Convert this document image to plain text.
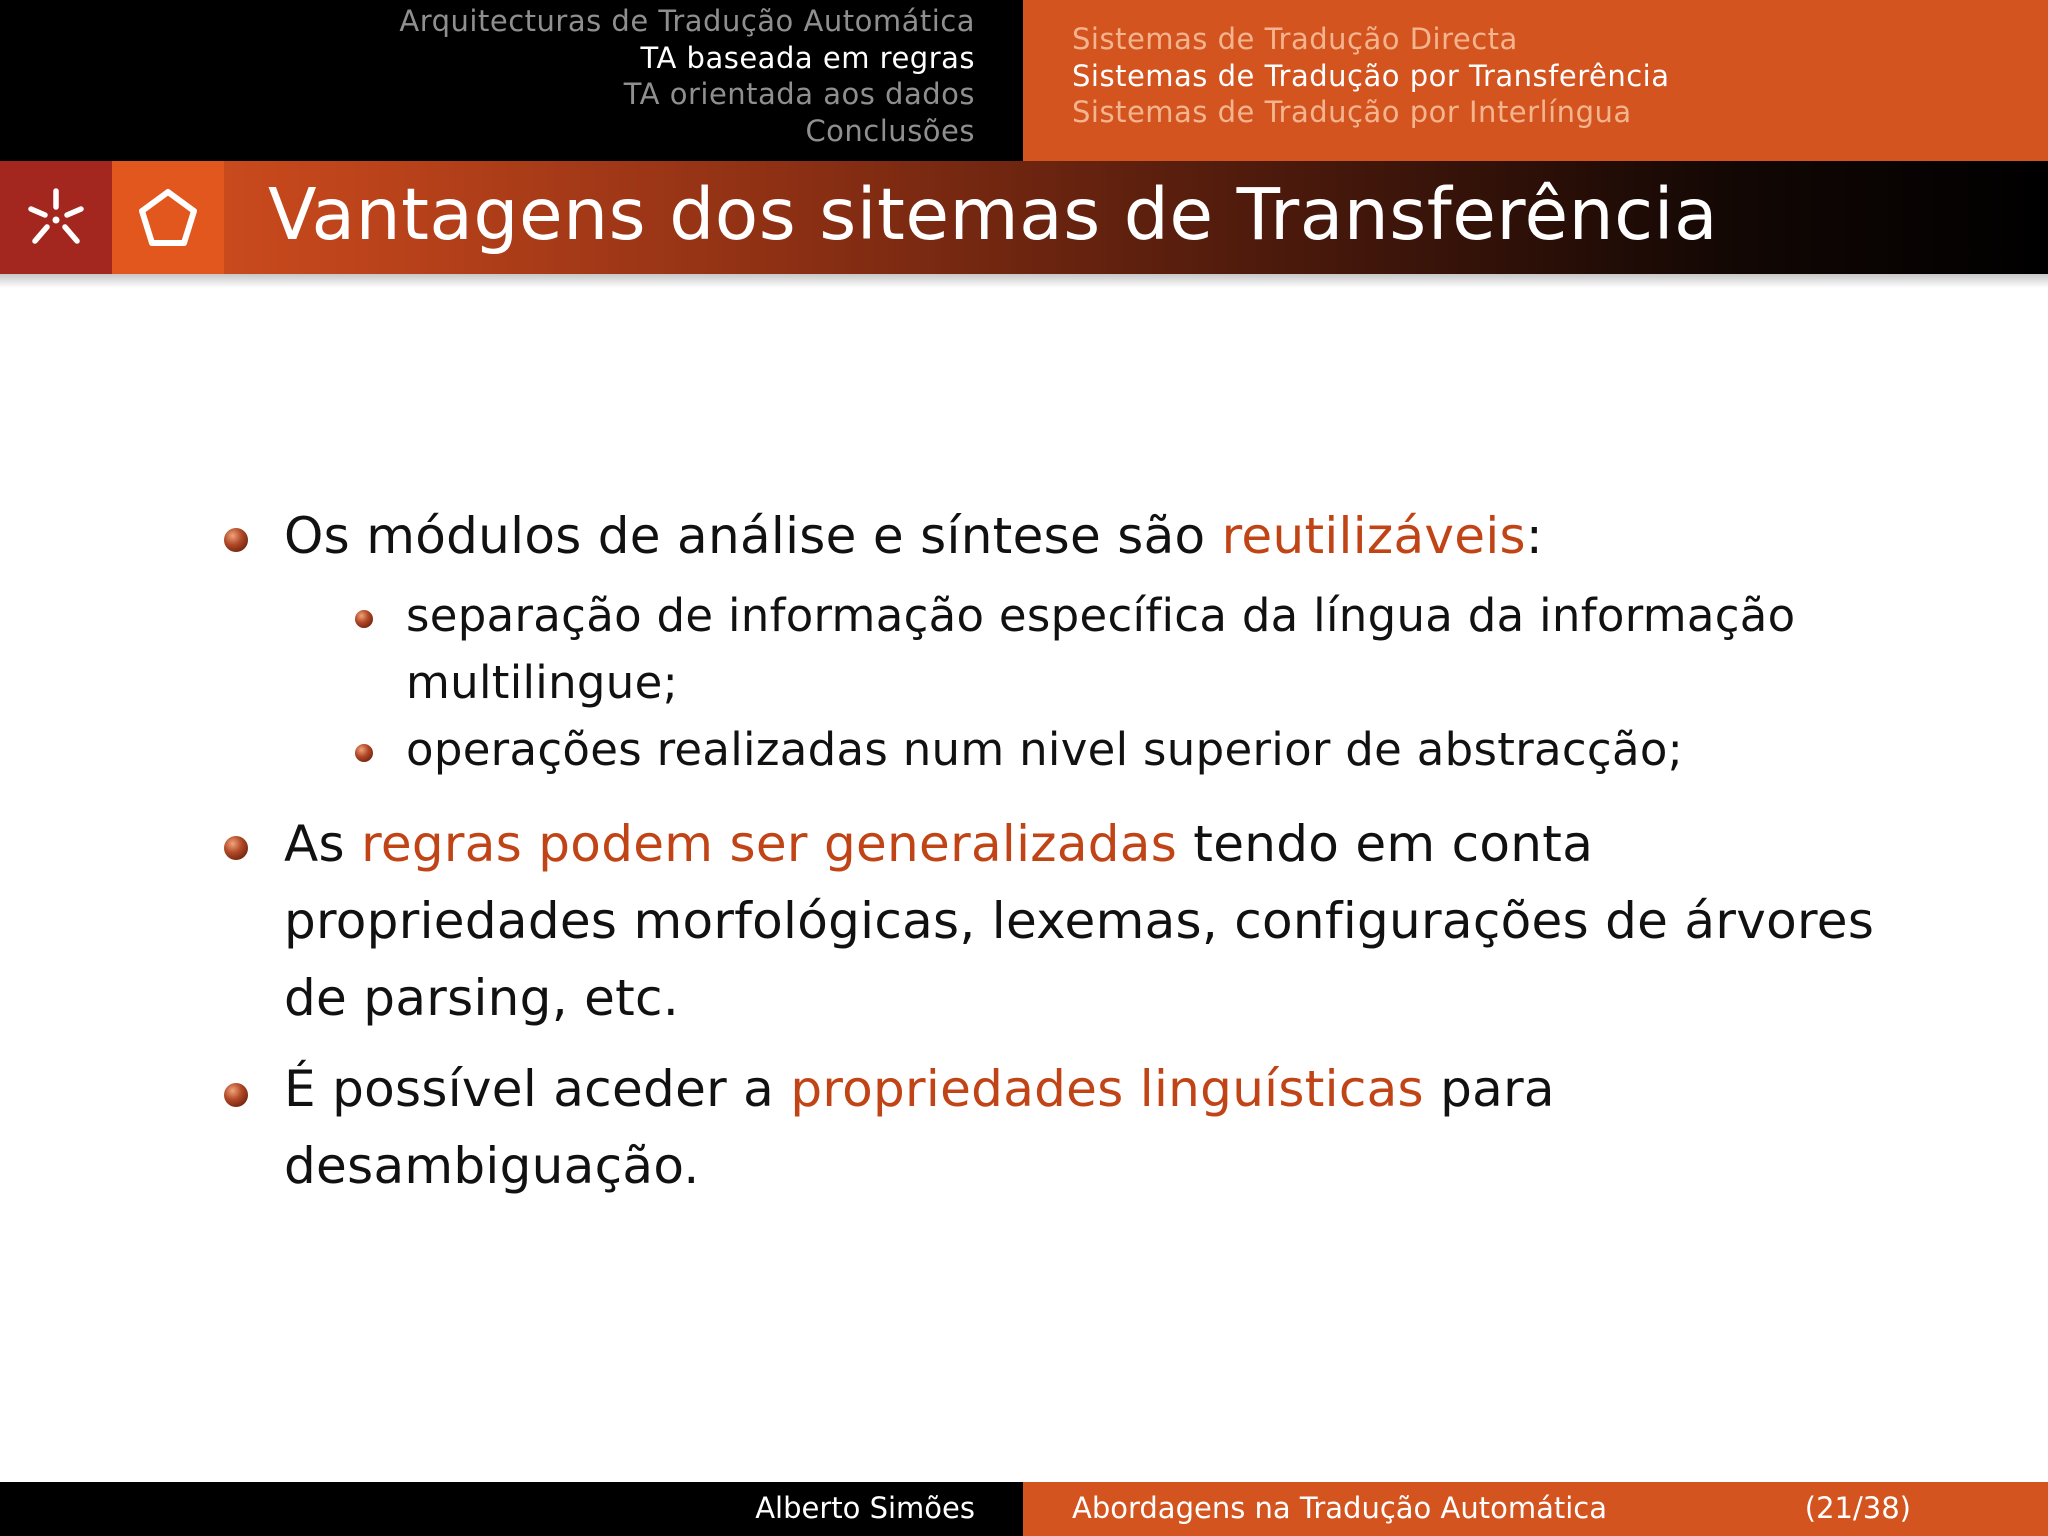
Arquitecturas de Tradução Automática
TA baseada em regras
TA orientada aos dados
Conclusões
Sistemas de Tradução Directa
Sistemas de Tradução por Transferência
Sistemas de Tradução por Interlíngua
Vantagens dos sitemas de Transferência
Os módulos de análise e síntese são reutilizáveis:
separação de informação específica da língua da informação
multilingue;
operações realizadas num nivel superior de abstracção;
As regras podem ser generalizadas tendo em conta
propriedades morfológicas, lexemas, configurações de árvores
de parsing, etc.
É possível aceder a propriedades linguísticas para
desambiguação.
Alberto Simões	Abordagens na Tradução Automática	(21/38)
